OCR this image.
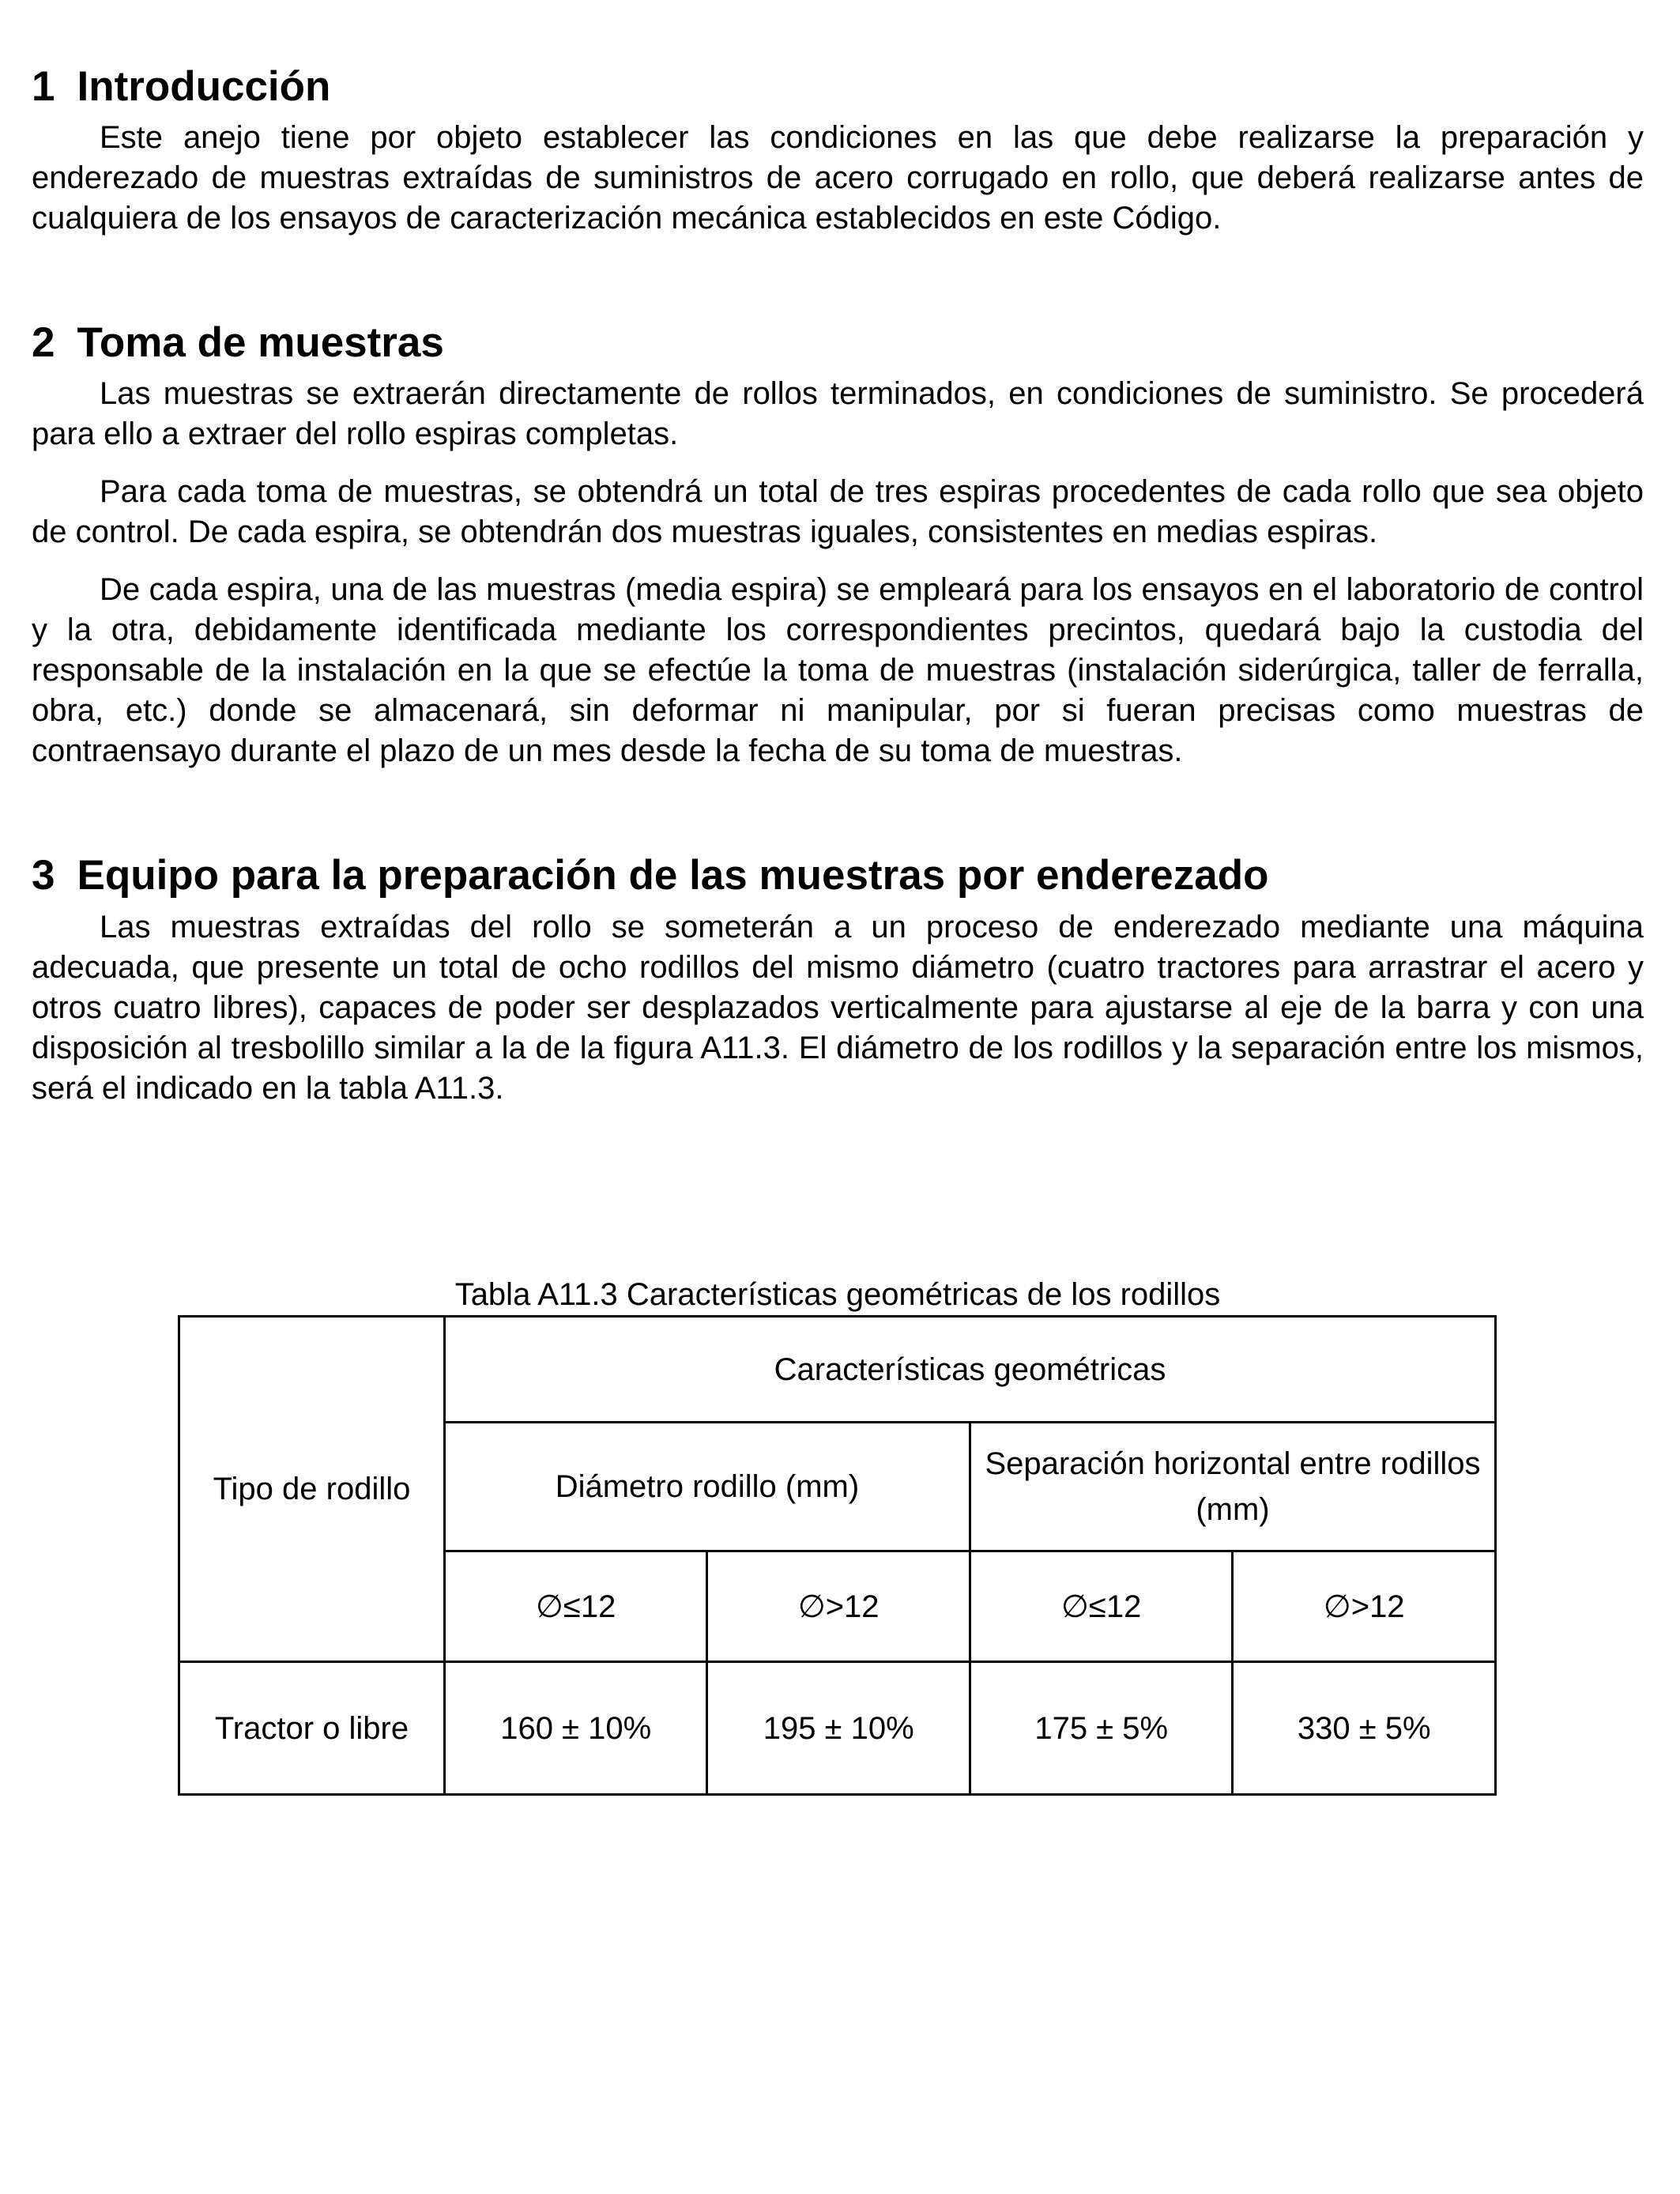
1 Introducción

Este anejo tiene por objeto establecer las condiciones en las que debe realizarse la preparación y enderezado de muestras extraídas de suministros de acero corrugado en rollo, que deberá realizarse antes de cualquiera de los ensayos de caracterización mecánica establecidos en este Código.

2 Toma de muestras

Las muestras se extraerán directamente de rollos terminados, en condiciones de suministro. Se procederá para ello a extraer del rollo espiras completas.

Para cada toma de muestras, se obtendrá un total de tres espiras procedentes de cada rollo que sea objeto de control. De cada espira, se obtendrán dos muestras iguales, consistentes en medias espiras.

De cada espira, una de las muestras (media espira) se empleará para los ensayos en el laboratorio de control y la otra, debidamente identificada mediante los correspondientes precintos, quedará bajo la custodia del responsable de la instalación en la que se efectúe la toma de muestras (instalación siderúrgica, taller de ferralla, obra, etc.) donde se almacenará, sin deformar ni manipular, por si fueran precisas como muestras de contraensayo durante el plazo de un mes desde la fecha de su toma de muestras.

3 Equipo para la preparación de las muestras por enderezado

Las muestras extraídas del rollo se someterán a un proceso de enderezado mediante una máquina adecuada, que presente un total de ocho rodillos del mismo diámetro (cuatro tractores para arrastrar el acero y otros cuatro libres), capaces de poder ser desplazados verticalmente para ajustarse al eje de la barra y con una disposición al tresbolillo similar a la de la figura A11.3. El diámetro de los rodillos y la separación entre los mismos, será el indicado en la tabla A11.3.

Tabla A11.3 Características geométricas de los rodillos
Tipo de rodillo	Características geométricas			
	Diámetro rodillo (mm)		Separación horizontal entre rodillos (mm)	
	∅≤12	∅>12	∅≤12	∅>12
Tractor o libre	160 ± 10%	195 ± 10%	175 ± 5%	330 ± 5%
